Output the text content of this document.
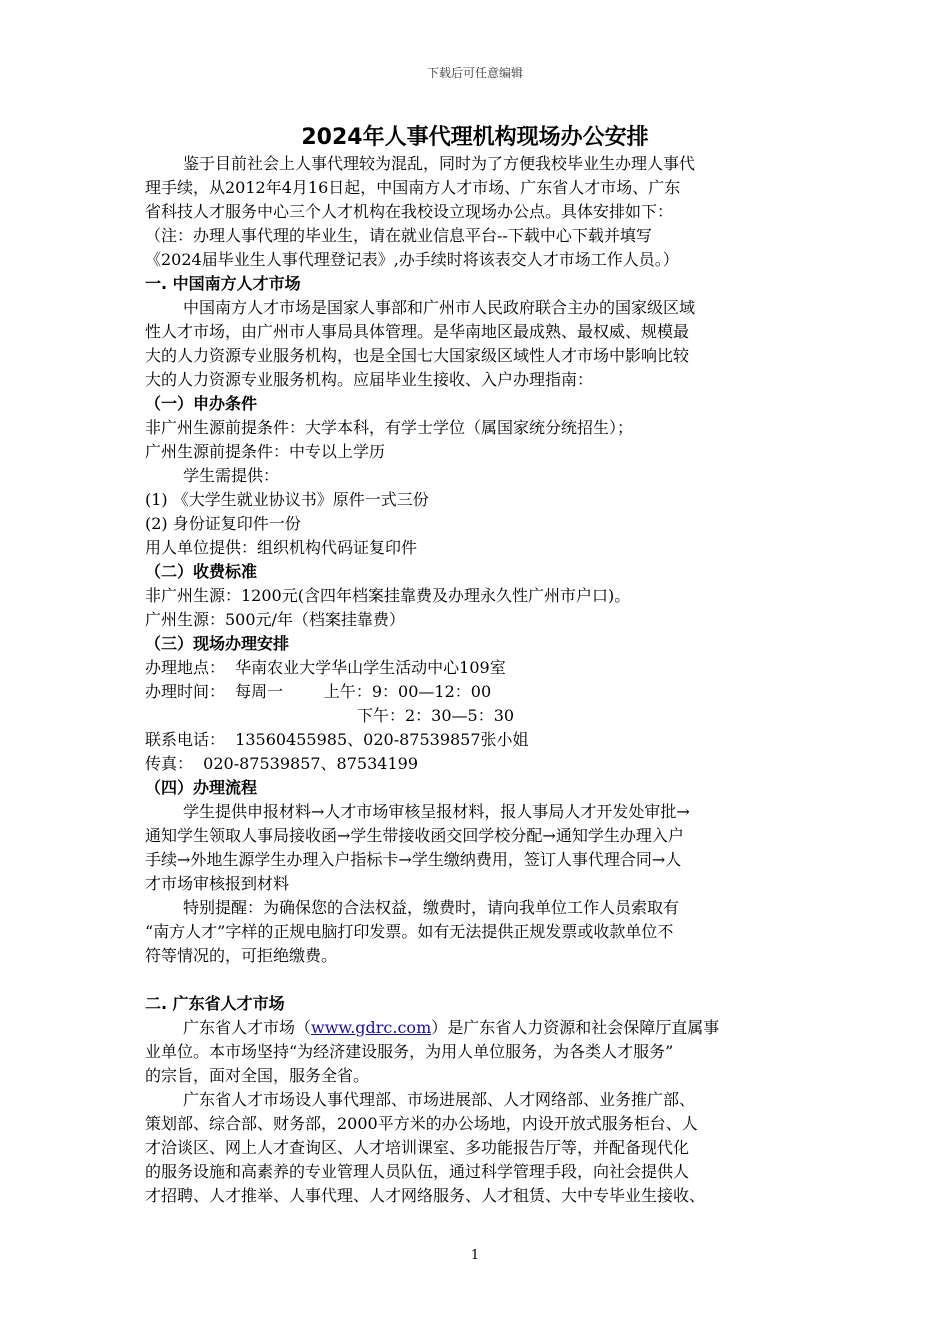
下载后可任意编辑
2024年人事代理机构现场办公安排
鉴于目前社会上人事代理较为混乱，同时为了方便我校毕业生办理人事代
理手续，从2012年4月16日起，中国南方人才市场、广东省人才市场、广东
省科技人才服务中心三个人才机构在我校设立现场办公点。具体安排如下：
（注：办理人事代理的毕业生，请在就业信息平台--下载中心下载并填写
《2024届毕业生人事代理登记表》,办手续时将该表交人才市场工作人员。）
一. 中国南方人才市场
中国南方人才市场是国家人事部和广州市人民政府联合主办的国家级区域
性人才市场，由广州市人事局具体管理。是华南地区最成熟、最权威、规模最
大的人力资源专业服务机构，也是全国七大国家级区域性人才市场中影响比较
大的人力资源专业服务机构。应届毕业生接收、入户办理指南：
（一）申办条件
非广州生源前提条件：大学本科，有学士学位（属国家统分统招生）；
广州生源前提条件：中专以上学历
学生需提供：
(1) 《大学生就业协议书》原件一式三份
(2) 身份证复印件一份
用人单位提供：组织机构代码证复印件
（二）收费标准
非广州生源：1200元(含四年档案挂靠费及办理永久性广州市户口)。
广州生源：500元/年（档案挂靠费）
（三）现场办理安排
办理地点：  华南农业大学华山学生活动中心109室
办理时间：  每周一        上午：9：00—12：00
下午：2：30—5：30
联系电话：  13560455985、020-87539857张小姐
传真：  020-87539857、87534199
（四）办理流程
学生提供申报材料→人才市场审核呈报材料，报人事局人才开发处审批→
通知学生领取人事局接收函→学生带接收函交回学校分配→通知学生办理入户
手续→外地生源学生办理入户指标卡→学生缴纳费用，签订人事代理合同→人
才市场审核报到材料
特别提醒：为确保您的合法权益，缴费时，请向我单位工作人员索取有
“南方人才”字样的正规电脑打印发票。如有无法提供正规发票或收款单位不
符等情况的，可拒绝缴费。
二. 广东省人才市场
广东省人才市场（www.gdrc.com）是广东省人力资源和社会保障厅直属事
业单位。本市场坚持“为经济建设服务，为用人单位服务，为各类人才服务”
的宗旨，面对全国，服务全省。
广东省人才市场设人事代理部、市场进展部、人才网络部、业务推广部、
策划部、综合部、财务部，2000平方米的办公场地，内设开放式服务柜台、人
才洽谈区、网上人才查询区、人才培训课室、多功能报告厅等，并配备现代化
的服务设施和高素养的专业管理人员队伍，通过科学管理手段，向社会提供人
才招聘、人才推举、人事代理、人才网络服务、人才租赁、大中专毕业生接收、
1
